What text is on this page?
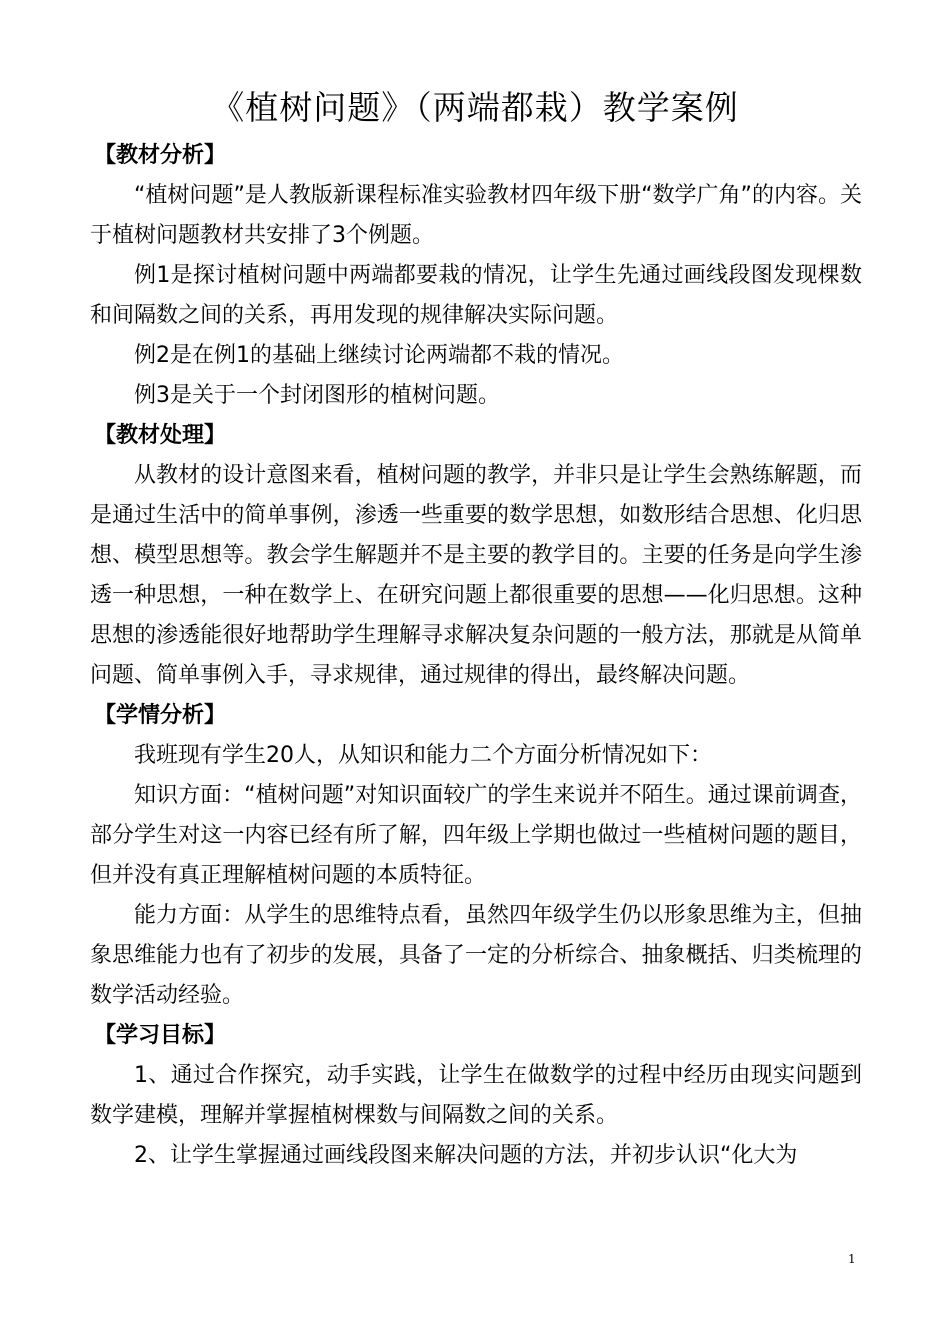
《植树问题》（两端都栽）教学案例
【教材分析】

“植树问题”是人教版新课程标准实验教材四年级下册“数学广角”的内容。关于植树问题教材共安排了3个例题。

例1是探讨植树问题中两端都要栽的情况，让学生先通过画线段图发现棵数和间隔数之间的关系，再用发现的规律解决实际问题。

例2是在例1的基础上继续讨论两端都不栽的情况。

例3是关于一个封闭图形的植树问题。

【教材处理】

从教材的设计意图来看，植树问题的教学，并非只是让学生会熟练解题，而是通过生活中的简单事例，渗透一些重要的数学思想，如数形结合思想、化归思想、模型思想等。教会学生解题并不是主要的教学目的。主要的任务是向学生渗透一种思想，一种在数学上、在研究问题上都很重要的思想——化归思想。这种思想的渗透能很好地帮助学生理解寻求解决复杂问题的一般方法，那就是从简单问题、简单事例入手，寻求规律，通过规律的得出，最终解决问题。

【学情分析】

我班现有学生20人，从知识和能力二个方面分析情况如下：

知识方面：“植树问题”对知识面较广的学生来说并不陌生。通过课前调查，部分学生对这一内容已经有所了解，四年级上学期也做过一些植树问题的题目，但并没有真正理解植树问题的本质特征。

能力方面：从学生的思维特点看，虽然四年级学生仍以形象思维为主，但抽象思维能力也有了初步的发展，具备了一定的分析综合、抽象概括、归类梳理的数学活动经验。

【学习目标】

1、通过合作探究，动手实践，让学生在做数学的过程中经历由现实问题到数学建模，理解并掌握植树棵数与间隔数之间的关系。

2、让学生掌握通过画线段图来解决问题的方法，并初步认识“化大为

1
